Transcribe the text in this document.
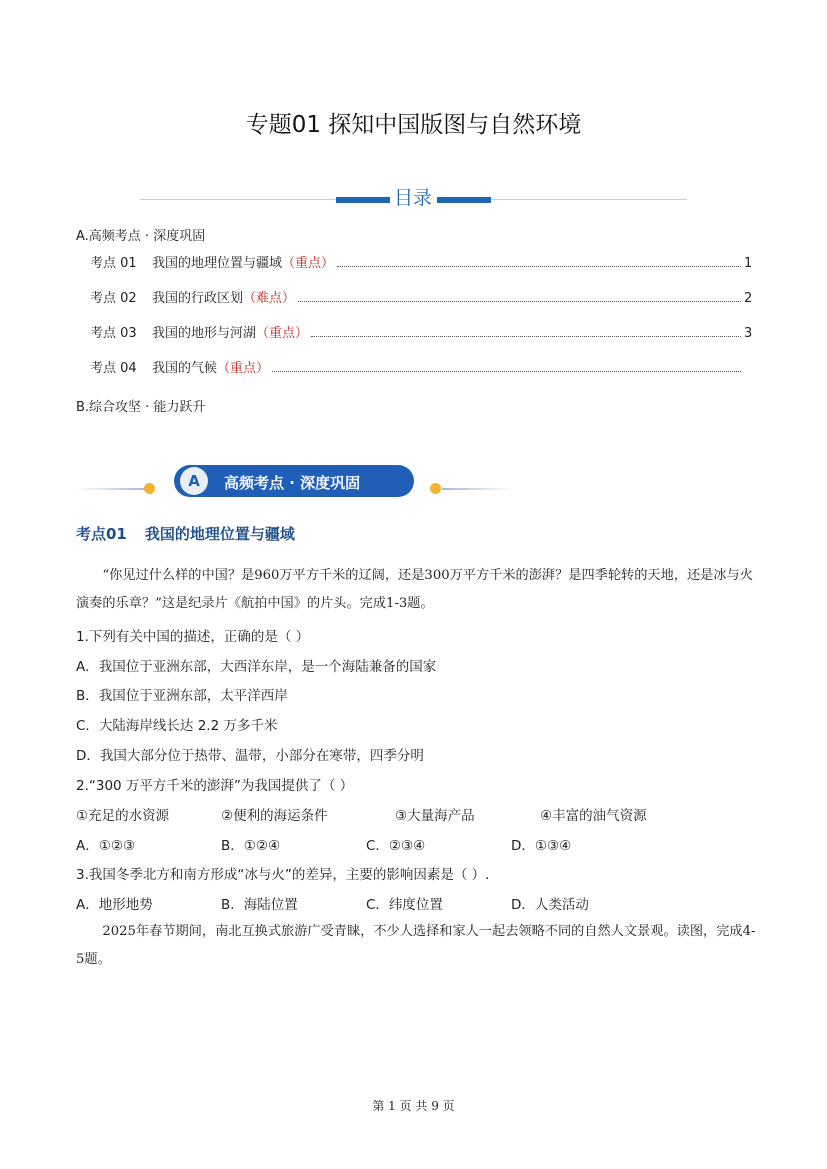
专题01 探知中国版图与自然环境
目录
A.高频考点 · 深度巩固
考点 01	我国的地理位置与疆域 （重点）	1
考点 02	我国的行政区划 （难点）	2
考点 03	我国的地形与河湖 （重点）	3
考点 04	我国的气候 （重点）
B.综合攻坚 · 能力跃升
A	高频考点 · 深度巩固
考点01 我国的地理位置与疆域
“你见过什么样的中国？是960万平方千米的辽阔，还是300万平方千米的澎湃？是四季轮转的天地，还是冰与火演奏的乐章？”这是纪录片《航拍中国》的片头。完成1-3题。
1.下列有关中国的描述，正确的是（ ）
A．我国位于亚洲东部，大西洋东岸，是一个海陆兼备的国家
B．我国位于亚洲东部，太平洋西岸
C．大陆海岸线长达 2.2 万多千米
D．我国大部分位于热带、温带，小部分在寒带，四季分明
2.“300 万平方千米的澎湃”为我国提供了（ ）
①充足的水资源	②便利的海运条件	③大量海产品	④丰富的油气资源
A．①②③	B．①②④	C．②③④	D．①③④
3.我国冬季北方和南方形成“冰与火”的差异，主要的影响因素是（ ）.
A．地形地势	B．海陆位置	C．纬度位置	D．人类活动
2025年春节期间，南北互换式旅游广受青睐，不少人选择和家人一起去领略不同的自然人文景观。读图，完成4-5题。
第 1 页 共 9 页
